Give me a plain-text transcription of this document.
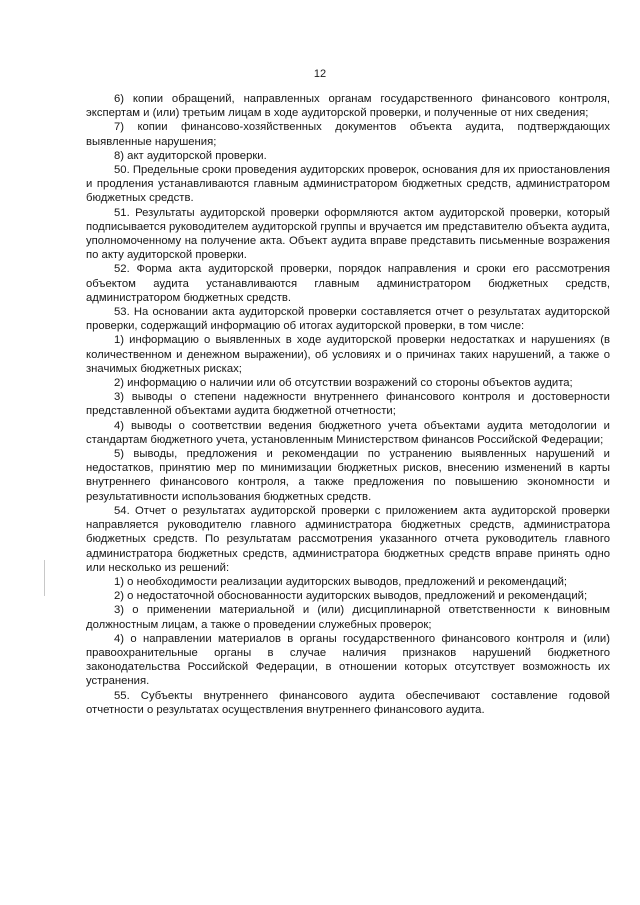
12

6) копии обращений, направленных органам государственного финансового контроля, экспертам и (или) третьим лицам в ходе аудиторской проверки, и полученные от них сведения;

7) копии финансово-хозяйственных документов объекта аудита, подтверждающих выявленные нарушения;

8) акт аудиторской проверки.

50. Предельные сроки проведения аудиторских проверок, основания для их приостановления и продления устанавливаются главным администратором бюджетных средств, администратором бюджетных средств.

51. Результаты аудиторской проверки оформляются актом аудиторской проверки, который подписывается руководителем аудиторской группы и вручается им представителю объекта аудита, уполномоченному на получение акта. Объект аудита вправе представить письменные возражения по акту аудиторской проверки.

52. Форма акта аудиторской проверки, порядок направления и сроки его рассмотрения объектом аудита устанавливаются главным администратором бюджетных средств, администратором бюджетных средств.

53. На основании акта аудиторской проверки составляется отчет о результатах аудиторской проверки, содержащий информацию об итогах аудиторской проверки, в том числе:

1) информацию о выявленных в ходе аудиторской проверки недостатках и нарушениях (в количественном и денежном выражении), об условиях и о причинах таких нарушений, а также о значимых бюджетных рисках;

2) информацию о наличии или об отсутствии возражений со стороны объектов аудита;

3) выводы о степени надежности внутреннего финансового контроля и достоверности представленной объектами аудита бюджетной отчетности;

4) выводы о соответствии ведения бюджетного учета объектами аудита методологии и стандартам бюджетного учета, установленным Министерством финансов Российской Федерации;

5) выводы, предложения и рекомендации по устранению выявленных нарушений и недостатков, принятию мер по минимизации бюджетных рисков, внесению изменений в карты внутреннего финансового контроля, а также предложения по повышению экономности и результативности использования бюджетных средств.

54. Отчет о результатах аудиторской проверки с приложением акта аудиторской проверки направляется руководителю главного администратора бюджетных средств, администратора бюджетных средств. По результатам рассмотрения указанного отчета руководитель главного администратора бюджетных средств, администратора бюджетных средств вправе принять одно или несколько из решений:

1) о необходимости реализации аудиторских выводов, предложений и рекомендаций;

2) о недостаточной обоснованности аудиторских выводов, предложений и рекомендаций;

3) о применении материальной и (или) дисциплинарной ответственности к виновным должностным лицам, а также о проведении служебных проверок;

4) о направлении материалов в органы государственного финансового контроля и (или) правоохранительные органы в случае наличия признаков нарушений бюджетного законодательства Российской Федерации, в отношении которых отсутствует возможность их устранения.

55. Субъекты внутреннего финансового аудита обеспечивают составление годовой отчетности о результатах осуществления внутреннего финансового аудита.
